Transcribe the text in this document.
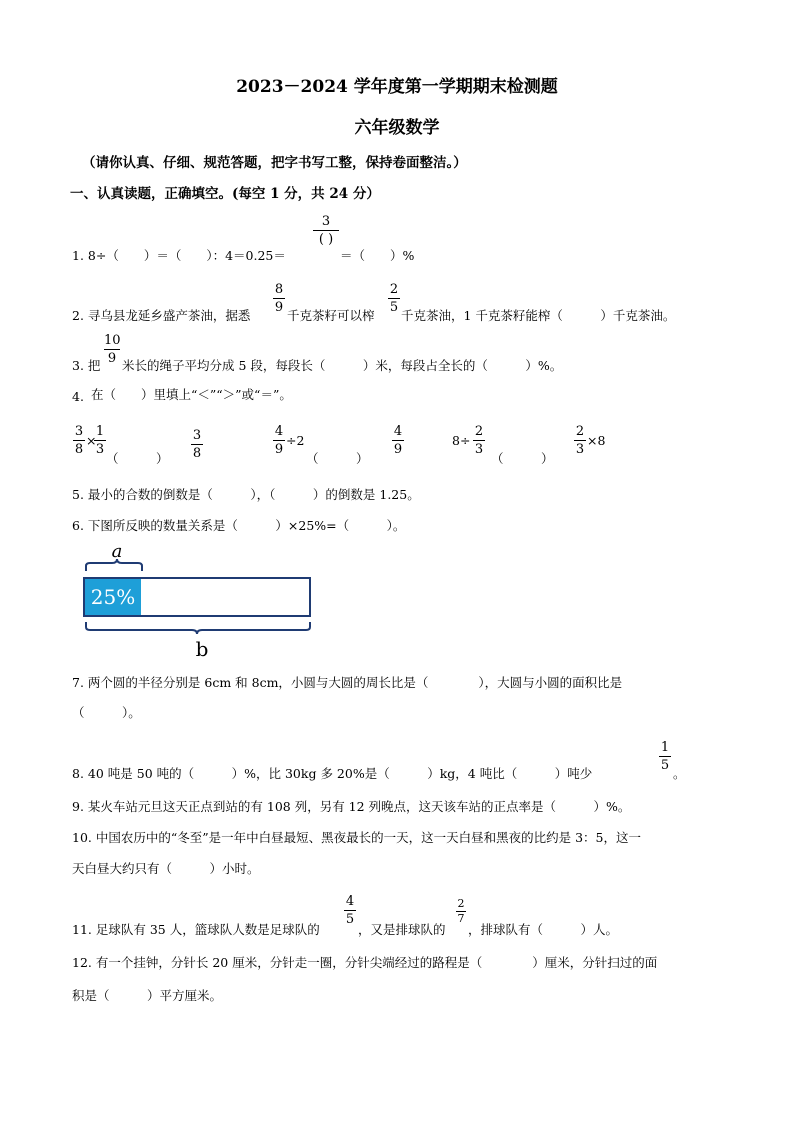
2023－2024 学年度第一学期期末检测题
六年级数学
（请你认真、仔细、规范答题，把字书写工整，保持卷面整洁。）
一、认真读题，正确填空。(每空 1 分，共 24 分）
1. 8÷（　　）＝（　　）：4＝0.25＝
3
( )
＝（　　）%
2. 寻乌县龙延乡盛产茶油，据悉
8
9
千克茶籽可以榨
2
5
千克茶油，1 千克茶籽能榨（　　　）千克茶油。
3. 把
10
9 米长的绳子平均分成 5 段，每段长（　　　）米，每段占全长的（　　　）%。
4. 在（　　）里填上“＜”“＞”或“＝”。
3
8
×
1
3
（　　　）
3
8
4
9
÷2
（　　　）
4
9
8÷
2
3
（　　　）
2
3
×8
5. 最小的合数的倒数是（　　　），（　　　）的倒数是 1.25。
6. 下图所反映的数量关系是（　　　）×25%=（　　　）。
a
25%
b
7. 两个圆的半径分别是 6cm 和 8cm，小圆与大圆的周长比是（　　　　），大圆与小圆的面积比是
（　　　）。
8. 40 吨是 50 吨的（　　　）%，比 30kg 多 20%是（　　　）kg，4 吨比（　　　）吨少
1
5
。
9. 某火车站元旦这天正点到站的有 108 列，另有 12 列晚点，这天该车站的正点率是（　　　）%。
10. 中国农历中的“冬至”是一年中白昼最短、黑夜最长的一天，这一天白昼和黑夜的比约是 3：5，这一
天白昼大约只有（　　　）小时。
11. 足球队有 35 人，篮球队人数是足球队的
4
5
，又是排球队的
2
7
，排球队有（　　　）人。
12. 有一个挂钟，分针长 20 厘米，分针走一圈，分针尖端经过的路程是（　　　　）厘米，分针扫过的面
积是（　　　）平方厘米。
